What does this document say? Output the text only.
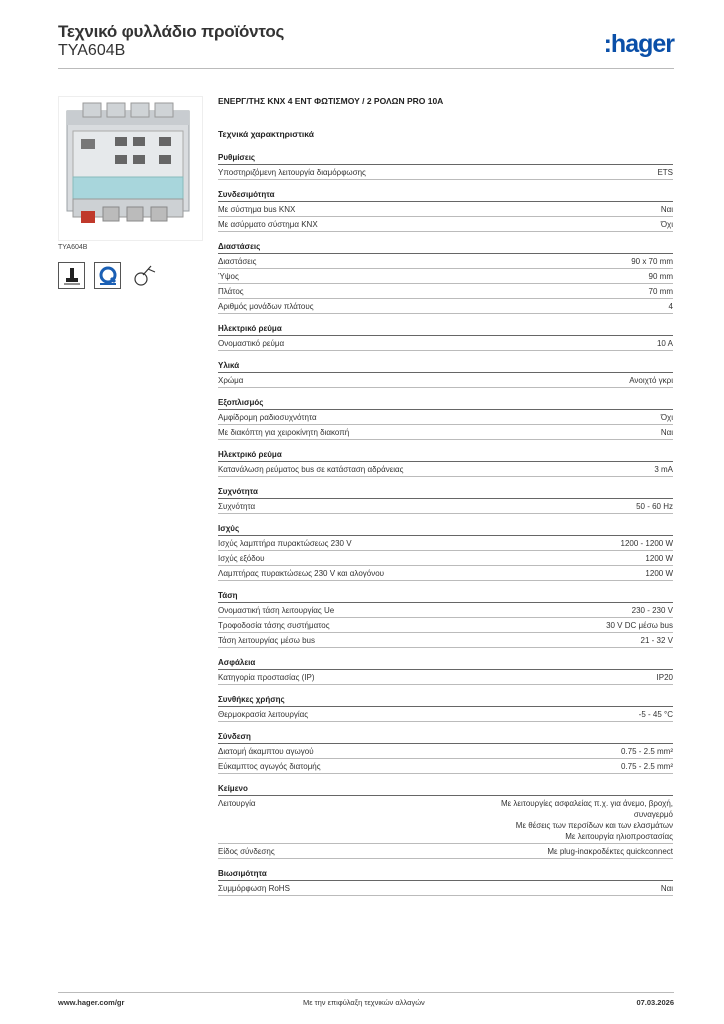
Τεχνικό φυλλάδιο προϊόντος
TYA604B	:hager
TYA604B
ΕΝΕΡΓ/ΤΗΣ KNX 4 ΕΝΤ ΦΩΤΙΣΜΟΥ / 2 ΡΟΛΩΝ PRO 10A
Τεχνικά χαρακτηριστικά
Ρυθμίσεις
Υποστηριζόμενη λειτουργία διαμόρφωσης	ETS
Συνδεσιμότητα
Με σύστημα bus KNX	Ναι
Με ασύρματο σύστημα KNX	Όχι
Διαστάσεις
Διαστάσεις	90 x 70 mm
Ύψος	90 mm
Πλάτος	70 mm
Αριθμός μονάδων πλάτους	4
Ηλεκτρικό ρεύμα
Ονομαστικό ρεύμα	10 A
Υλικά
Χρώμα	Ανοιχτό γκρι
Εξοπλισμός
Αμφίδρομη ραδιοσυχνότητα	Όχι
Με διακόπτη για χειροκίνητη διακοπή	Ναι
Ηλεκτρικό ρεύμα
Κατανάλωση ρεύματος bus σε κατάσταση αδράνειας	3 mA
Συχνότητα
Συχνότητα	50 - 60 Hz
Ισχύς
Ισχύς λαμπτήρα πυρακτώσεως 230 V	1200 - 1200 W
Ισχύς εξόδου	1200 W
Λαμπτήρας πυρακτώσεως 230 V και αλογόνου	1200 W
Τάση
Ονομαστική τάση λειτουργίας Ue	230 - 230 V
Τροφοδοσία τάσης συστήματος	30 V DC μέσω bus
Τάση λειτουργίας μέσω bus	21 - 32 V
Ασφάλεια
Κατηγορία προστασίας (IP)	IP20
Συνθήκες χρήσης
Θερμοκρασία λειτουργίας	-5 - 45 °C
Σύνδεση
Διατομή άκαμπτου αγωγού	0.75 - 2.5 mm²
Εύκαμπτος αγωγός διατομής	0.75 - 2.5 mm²
Κείμενο
Λειτουργία	Με λειτουργίες ασφαλείας π.χ. για άνεμο, βροχή,
συναγερμό
Με θέσεις των περσίδων και των ελασμάτων
Με λειτουργία ηλιοπροστασίας
Είδος σύνδεσης	Με plug-inακροδέκτες quickconnect
Βιωσιμότητα
Συμμόρφωση RoHS	Ναι
www.hager.com/gr	Με την επιφύλαξη τεχνικών αλλαγών	07.03.2026
